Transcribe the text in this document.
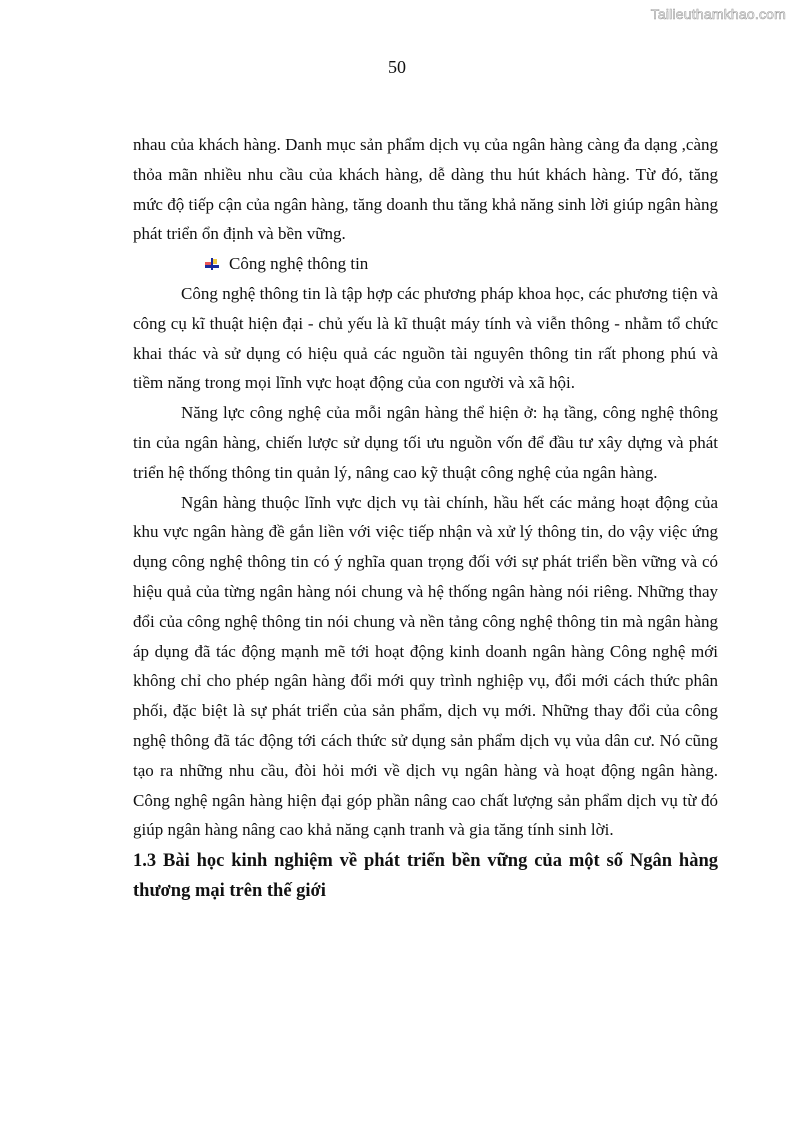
Tailieuthamkhao.com
50

nhau của khách hàng. Danh mục sản phẩm dịch vụ của ngân hàng càng đa dạng ,càng thỏa mãn nhiều nhu cầu của khách hàng, dễ dàng thu hút khách hàng. Từ đó, tăng mức độ tiếp cận của ngân hàng, tăng doanh thu tăng khả năng sinh lời giúp ngân hàng phát triển ổn định và bền vững.

Công nghệ thông tin

Công nghệ thông tin là tập hợp các phương pháp khoa học, các phương tiện và công cụ kĩ thuật hiện đại - chủ yếu là kĩ thuật máy tính và viễn thông - nhằm tổ chức khai thác và sử dụng có hiệu quả các nguồn tài nguyên thông tin rất phong phú và tiềm năng trong mọi lĩnh vực hoạt động của con người và xã hội.

Năng lực công nghệ của mỗi ngân hàng thể hiện ở: hạ tầng, công nghệ thông tin của ngân hàng, chiến lược sử dụng tối ưu nguồn vốn để đầu tư xây dựng và phát triển hệ thống thông tin quản lý, nâng cao kỹ thuật công nghệ của ngân hàng.

Ngân hàng thuộc lĩnh vực dịch vụ tài chính, hầu hết các mảng hoạt động của khu vực ngân hàng đề gắn liền với việc tiếp nhận và xử lý thông tin, do vậy việc ứng dụng công nghệ thông tin có ý nghĩa quan trọng đối với sự phát triển bền vững và có hiệu quả của từng ngân hàng nói chung và hệ thống ngân hàng nói riêng. Những thay đổi của công nghệ thông tin nói chung và nền tảng công nghệ thông tin mà ngân hàng áp dụng đã tác động mạnh mẽ tới hoạt động kinh doanh ngân hàng Công nghệ mới không chỉ cho phép ngân hàng đổi mới quy trình nghiệp vụ, đổi mới cách thức phân phối, đặc biệt là sự phát triển của sản phẩm, dịch vụ mới. Những thay đổi của công nghệ thông đã tác động tới cách thức sử dụng sản phẩm dịch vụ vủa dân cư. Nó cũng tạo ra những nhu cầu, đòi hỏi mới về dịch vụ ngân hàng và hoạt động ngân hàng. Công nghệ ngân hàng hiện đại góp phần nâng cao chất lượng sản phẩm dịch vụ từ đó giúp ngân hàng nâng cao khả năng cạnh tranh và gia tăng tính sinh lời.

1.3 Bài học kinh nghiệm về phát triển bền vững của một số Ngân hàng thương mại trên thế giới
